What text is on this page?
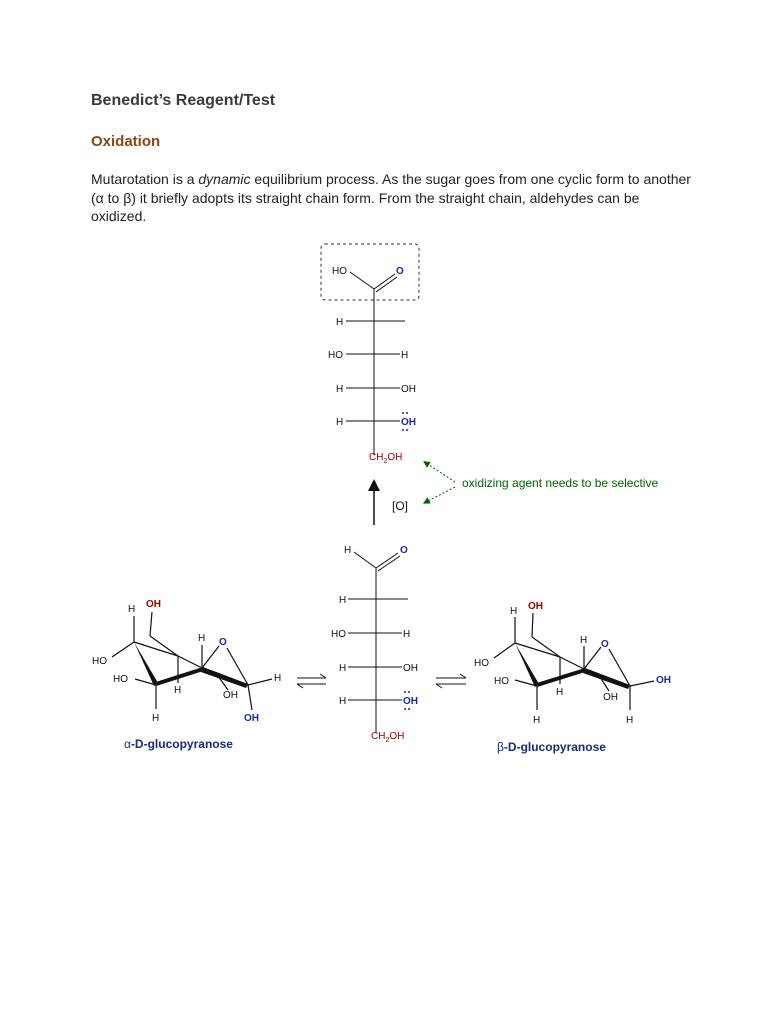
Benedict’s Reagent/Test
Oxidation
Mutarotation is a dynamic equilibrium process. As the sugar goes from one cyclic form to another (α to β) it briefly adopts its straight chain form. From the straight chain, aldehydes can be oxidized.
HO	O
H
HO	H
H	OH
H	OH
$CH_2OH$
[O]
oxidizing agent needs to be selective
H	O
H
HO	H
H	OH
H	OH
$CH_2OH$
H OH
HO
HO
H O
H	OH
H
OH
H
α-D-glucopyranose
H OH
HO
HO
H O
H	OH
OH
H
H
β-D-glucopyranose
